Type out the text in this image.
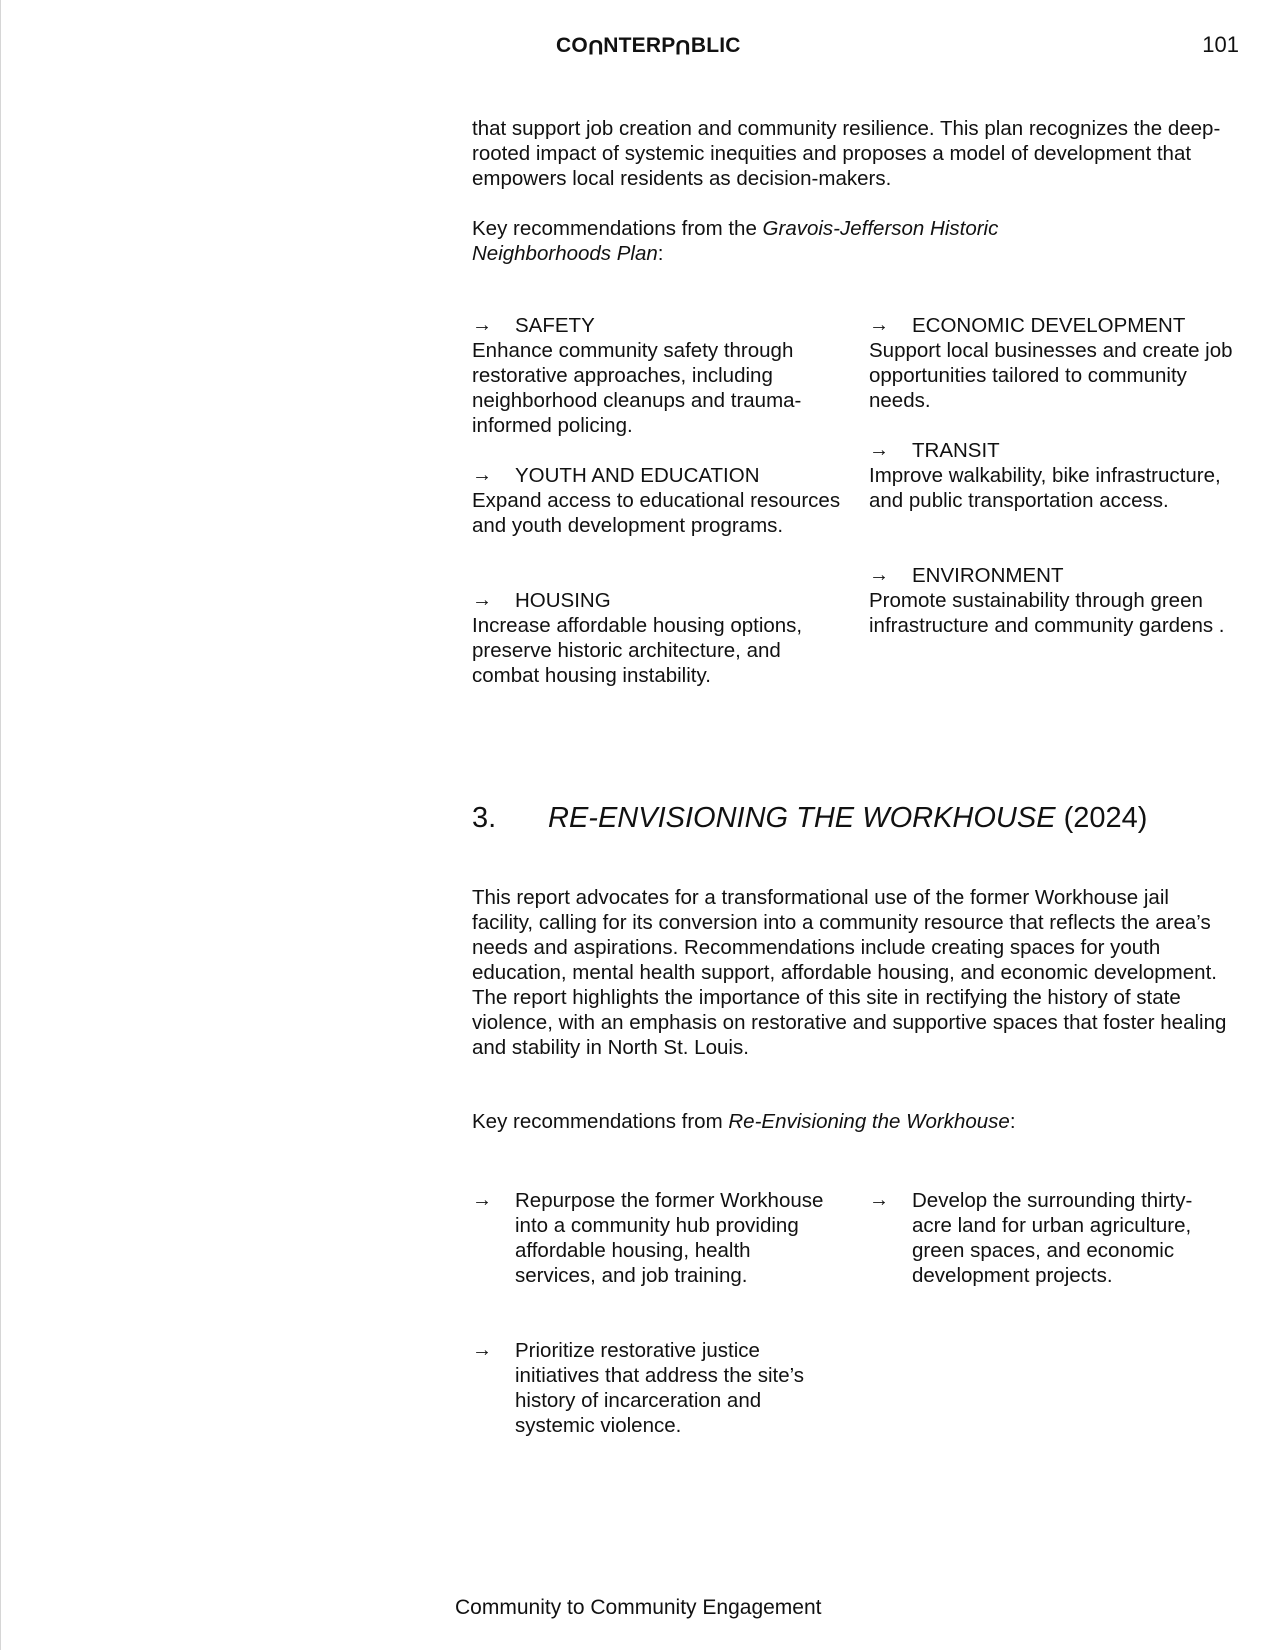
COUNTERPUBLIC	101

that support job creation and community resilience. This plan recognizes the deep-rooted impact of systemic inequities and proposes a model of development that empowers local residents as decision-makers.

Key recommendations from the Gravois-Jefferson Historic Neighborhoods Plan:
→	SAFETY

Enhance community safety through restorative approaches, including neighborhood cleanups and trauma-informed policing.

→	YOUTH AND EDUCATION

Expand access to educational resources and youth development programs.

→	HOUSING

Increase affordable housing options, preserve historic architecture, and combat housing instability.

→	ECONOMIC DEVELOPMENT

Support local businesses and create job opportunities tailored to community needs.

→	TRANSIT

Improve walkability, bike infrastructure, and public transportation access.

→	ENVIRONMENT

Promote sustainability through green infrastructure and community gardens .

3. RE-ENVISIONING THE WORKHOUSE (2024)

This report advocates for a transformational use of the former Workhouse jail facility, calling for its conversion into a community resource that reflects the area’s needs and aspirations. Recommendations include creating spaces for youth education, mental health support, affordable housing, and economic development. The report highlights the importance of this site in rectifying the history of state violence, with an emphasis on restorative and supportive spaces that foster healing and stability in North St. Louis.

Key recommendations from Re-Envisioning the Workhouse:
→	Repurpose the former Workhouse into a community hub providing affordable housing, health services, and job training.

→	Prioritize restorative justice initiatives that address the site’s history of incarceration and systemic violence.

→	Develop the surrounding thirty-acre land for urban agriculture, green spaces, and economic development projects.

Community to Community Engagement
